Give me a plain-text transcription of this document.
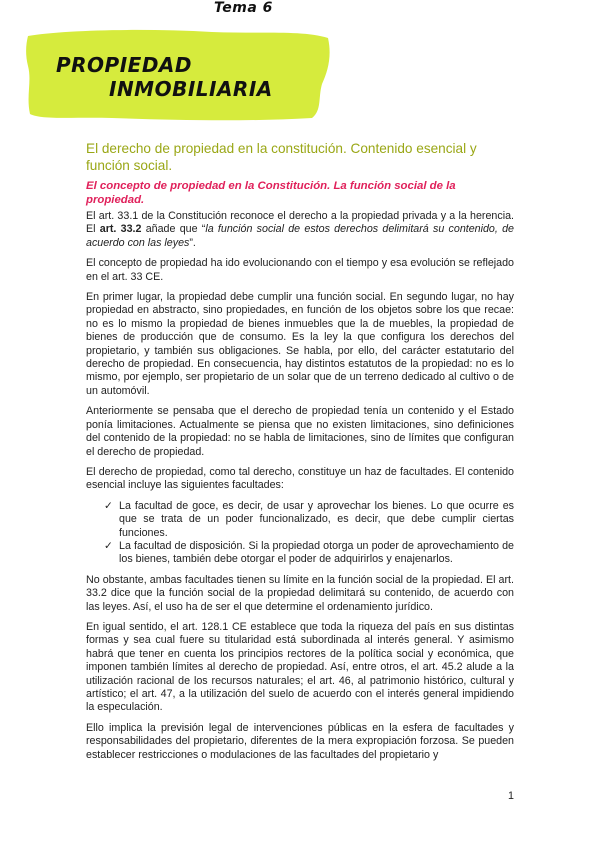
Tema 6
PROPIEDAD
INMOBILIARIA
El derecho de propiedad en la constitución. Contenido esencial y función social.
El concepto de propiedad en la Constitución. La función social de la propiedad.

El art. 33.1 de la Constitución reconoce el derecho a la propiedad privada y a la herencia. El art. 33.2 añade que “la función social de estos derechos delimitará su contenido, de acuerdo con las leyes”.

El concepto de propiedad ha ido evolucionando con el tiempo y esa evolución se reflejado en el art. 33 CE.

En primer lugar, la propiedad debe cumplir una función social. En segundo lugar, no hay propiedad en abstracto, sino propiedades, en función de los objetos sobre los que recae: no es lo mismo la propiedad de bienes inmuebles que la de muebles, la propiedad de bienes de producción que de consumo. Es la ley la que configura los derechos del propietario, y también sus obligaciones. Se habla, por ello, del carácter estatutario del derecho de propiedad. En consecuencia, hay distintos estatutos de la propiedad: no es lo mismo, por ejemplo, ser propietario de un solar que de un terreno dedicado al cultivo o de un automóvil.

Anteriormente se pensaba que el derecho de propiedad tenía un contenido y el Estado ponía limitaciones. Actualmente se piensa que no existen limitaciones, sino definiciones del contenido de la propiedad: no se habla de limitaciones, sino de límites que configuran el derecho de propiedad.

El derecho de propiedad, como tal derecho, constituye un haz de facultades. El contenido esencial incluye las siguientes facultades:

✓ La facultad de goce, es decir, de usar y aprovechar los bienes. Lo que ocurre es que se trata de un poder funcionalizado, es decir, que debe cumplir ciertas funciones.
✓ La facultad de disposición. Si la propiedad otorga un poder de aprovechamiento de los bienes, también debe otorgar el poder de adquirirlos y enajenarlos.

No obstante, ambas facultades tienen su límite en la función social de la propiedad. El art. 33.2 dice que la función social de la propiedad delimitará su contenido, de acuerdo con las leyes. Así, el uso ha de ser el que determine el ordenamiento jurídico.

En igual sentido, el art. 128.1 CE establece que toda la riqueza del país en sus distintas formas y sea cual fuere su titularidad está subordinada al interés general. Y asimismo habrá que tener en cuenta los principios rectores de la política social y económica, que imponen también límites al derecho de propiedad. Así, entre otros, el art. 45.2 alude a la utilización racional de los recursos naturales; el art. 46, al patrimonio histórico, cultural y artístico; el art. 47, a la utilización del suelo de acuerdo con el interés general impidiendo la especulación.

Ello implica la previsión legal de intervenciones públicas en la esfera de facultades y responsabilidades del propietario, diferentes de la mera expropiación forzosa. Se pueden establecer restricciones o modulaciones de las facultades del propietario y

1
